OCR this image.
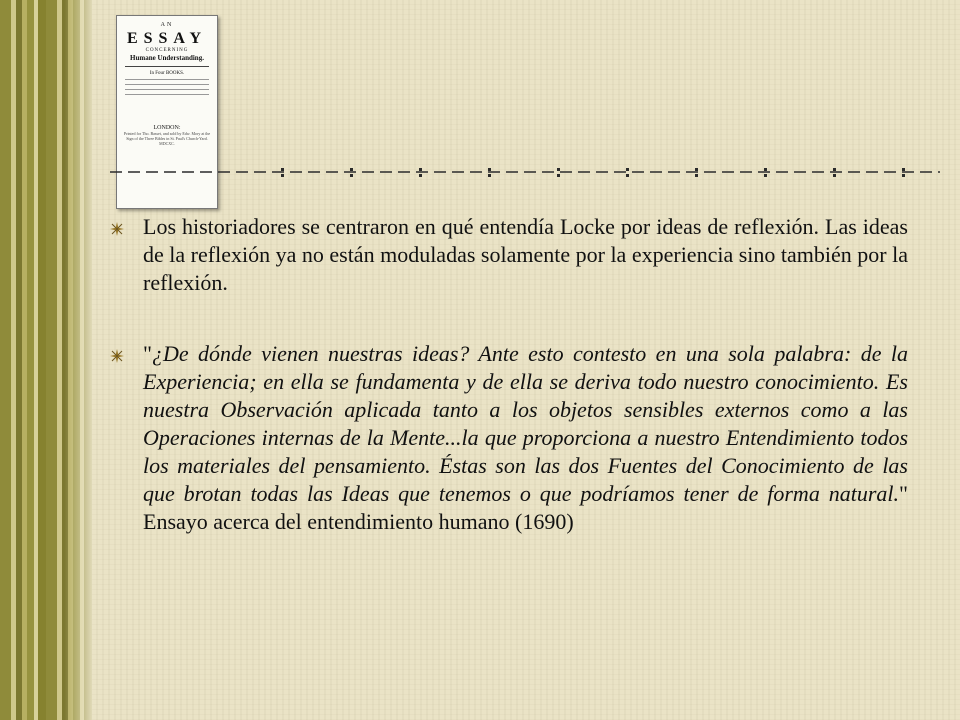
AN
ESSAY
CONCERNING
Humane Understanding.
In Four BOOKS.
LONDON:
Printed for Tho. Basset, and sold by Edw. Mory at the Sign of the Three Bibles in St. Paul's Church-Yard. MDCXC.

Los historiadores se centraron en qué entendía Locke por ideas de reflexión. Las ideas de la reflexión ya no están moduladas solamente por la experiencia sino también por la reflexión.

"¿De dónde vienen nuestras ideas? Ante esto contesto en una sola palabra: de la Experiencia; en ella se fundamenta y de ella se deriva todo nuestro conocimiento. Es nuestra Observación aplicada tanto a los objetos sensibles externos como a las Operaciones internas de la Mente...la que proporciona a nuestro Entendimiento todos los materiales del pensamiento. Éstas son las dos Fuentes del Conocimiento de las que brotan todas las Ideas que tenemos o que podríamos tener de forma natural." Ensayo acerca del entendimiento humano (1690)
